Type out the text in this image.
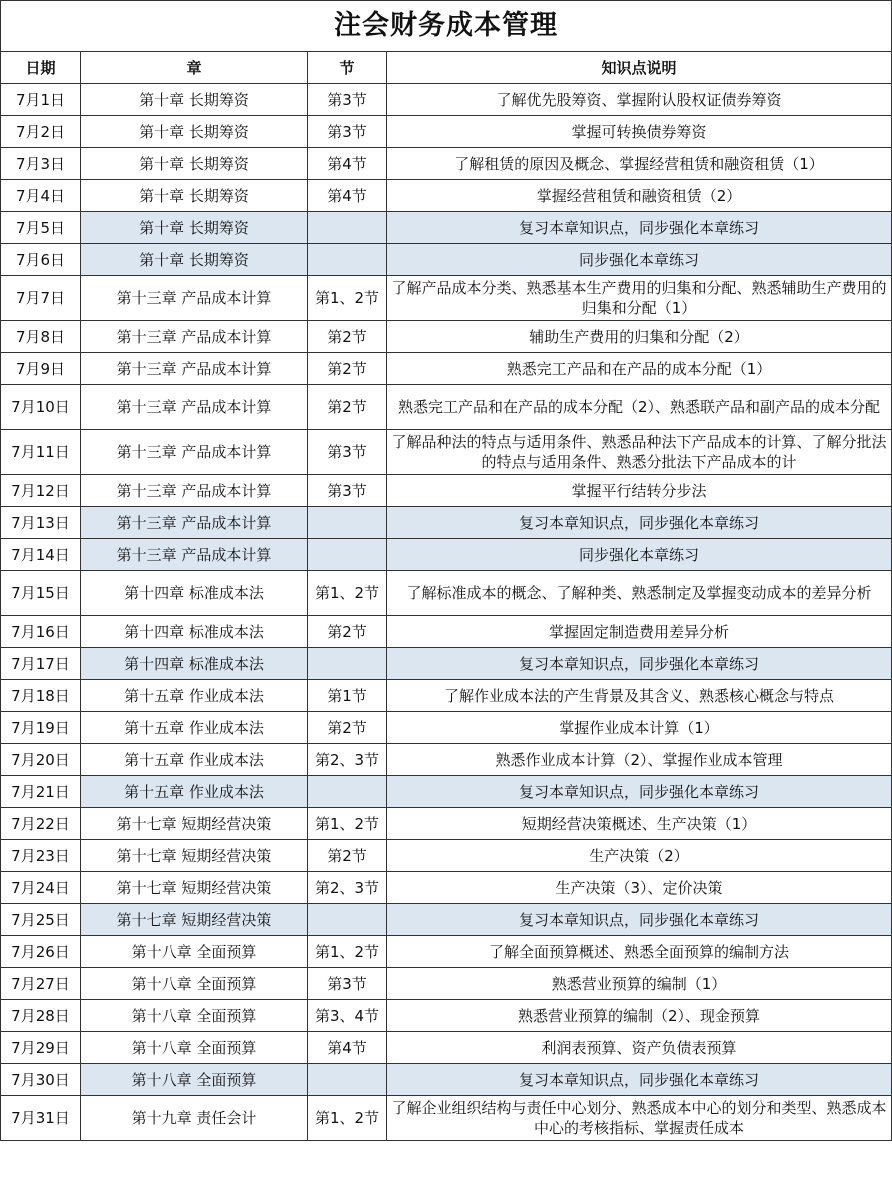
注会财务成本管理			
日期	章	节	知识点说明
7月1日	第十章 长期筹资	第3节	了解优先股筹资、掌握附认股权证债券筹资
7月2日	第十章 长期筹资	第3节	掌握可转换债券筹资
7月3日	第十章 长期筹资	第4节	了解租赁的原因及概念、掌握经营租赁和融资租赁（1）
7月4日	第十章 长期筹资	第4节	掌握经营租赁和融资租赁（2）
7月5日	第十章 长期筹资		复习本章知识点，同步强化本章练习
7月6日	第十章 长期筹资		同步强化本章练习
7月7日	第十三章 产品成本计算	第1、2节	了解产品成本分类、熟悉基本生产费用的归集和分配、熟悉辅助生产费用的归集和分配（1）
7月8日	第十三章 产品成本计算	第2节	辅助生产费用的归集和分配（2）
7月9日	第十三章 产品成本计算	第2节	熟悉完工产品和在产品的成本分配（1）
7月10日	第十三章 产品成本计算	第2节	熟悉完工产品和在产品的成本分配（2）、熟悉联产品和副产品的成本分配
7月11日	第十三章 产品成本计算	第3节	了解品种法的特点与适用条件、熟悉品种法下产品成本的计算、了解分批法的特点与适用条件、熟悉分批法下产品成本的计
7月12日	第十三章 产品成本计算	第3节	掌握平行结转分步法
7月13日	第十三章 产品成本计算		复习本章知识点，同步强化本章练习
7月14日	第十三章 产品成本计算		同步强化本章练习
7月15日	第十四章 标准成本法	第1、2节	了解标准成本的概念、了解种类、熟悉制定及掌握变动成本的差异分析
7月16日	第十四章 标准成本法	第2节	掌握固定制造费用差异分析
7月17日	第十四章 标准成本法		复习本章知识点，同步强化本章练习
7月18日	第十五章 作业成本法	第1节	了解作业成本法的产生背景及其含义、熟悉核心概念与特点
7月19日	第十五章 作业成本法	第2节	掌握作业成本计算（1）
7月20日	第十五章 作业成本法	第2、3节	熟悉作业成本计算（2）、掌握作业成本管理
7月21日	第十五章 作业成本法		复习本章知识点，同步强化本章练习
7月22日	第十七章 短期经营决策	第1、2节	短期经营决策概述、生产决策（1）
7月23日	第十七章 短期经营决策	第2节	生产决策（2）
7月24日	第十七章 短期经营决策	第2、3节	生产决策（3）、定价决策
7月25日	第十七章 短期经营决策		复习本章知识点，同步强化本章练习
7月26日	第十八章 全面预算	第1、2节	了解全面预算概述、熟悉全面预算的编制方法
7月27日	第十八章 全面预算	第3节	熟悉营业预算的编制（1）
7月28日	第十八章 全面预算	第3、4节	熟悉营业预算的编制（2）、现金预算
7月29日	第十八章 全面预算	第4节	利润表预算、资产负债表预算
7月30日	第十八章 全面预算		复习本章知识点，同步强化本章练习
7月31日	第十九章 责任会计	第1、2节	了解企业组织结构与责任中心划分、熟悉成本中心的划分和类型、熟悉成本中心的考核指标、掌握责任成本
